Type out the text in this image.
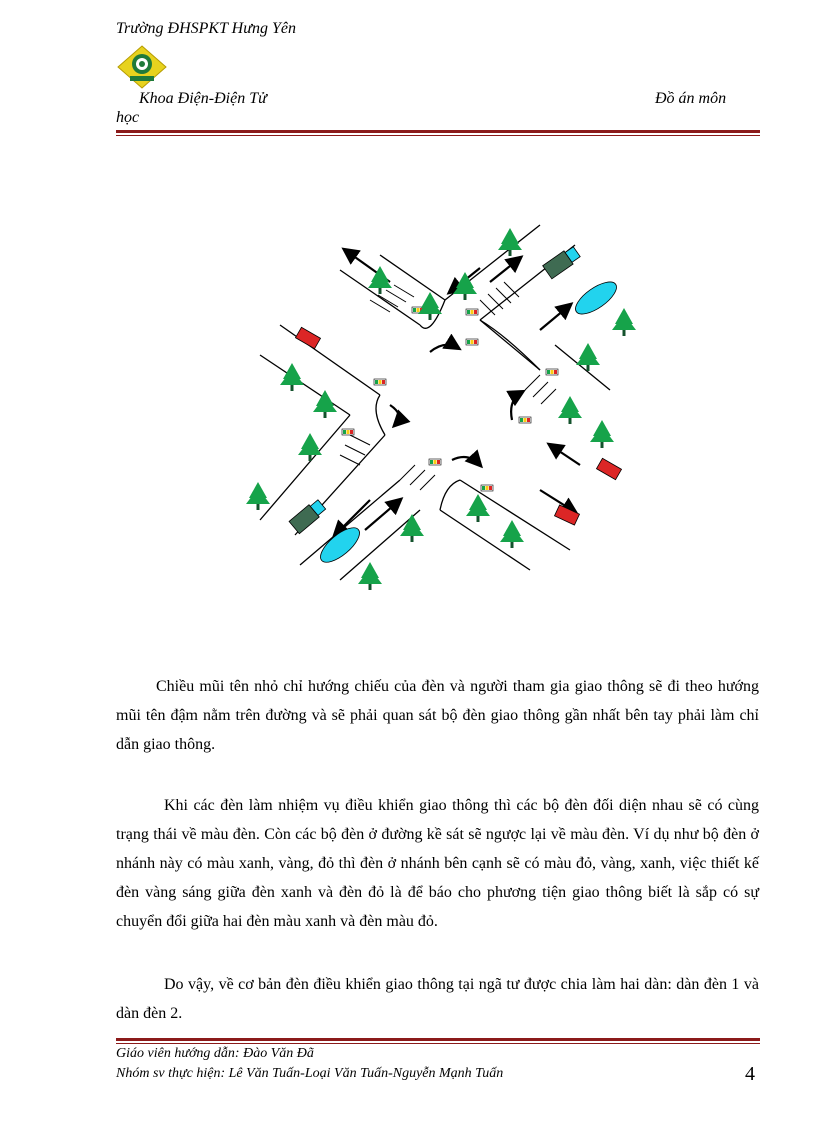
Trường ĐHSPKT Hưng Yên
Khoa Điện-Điện Tử	Đồ án môn
học
Chiều mũi tên nhỏ chỉ hướng chiếu của đèn và người tham gia giao thông sẽ đi theo hướng mũi tên đậm nằm trên đường và sẽ phải quan sát bộ đèn giao thông gần nhất bên tay phải làm chỉ dẫn giao thông.
Khi các đèn làm nhiệm vụ điều khiển giao thông thì các bộ đèn đối diện nhau sẽ có cùng trạng thái về màu đèn. Còn các bộ đèn ở đường kề sát sẽ ngược lại về màu đèn. Ví dụ như bộ đèn ở nhánh này có màu xanh, vàng, đỏ thì đèn ở nhánh bên cạnh sẽ có màu đỏ, vàng, xanh, việc thiết kế đèn vàng sáng giữa đèn xanh và đèn đỏ là để báo cho phương tiện giao thông biết là sắp có sự chuyển đổi giữa hai đèn màu xanh và đèn màu đỏ.
Do vậy, về cơ bản đèn điều khiển giao thông tại ngã tư được chia làm hai dàn: dàn đèn 1 và dàn đèn 2.
Giáo viên hướng dẫn: Đào Văn Đã
Nhóm sv thực hiện: Lê Văn Tuấn-Loại Văn Tuấn-Nguyễn Mạnh Tuấn	4
